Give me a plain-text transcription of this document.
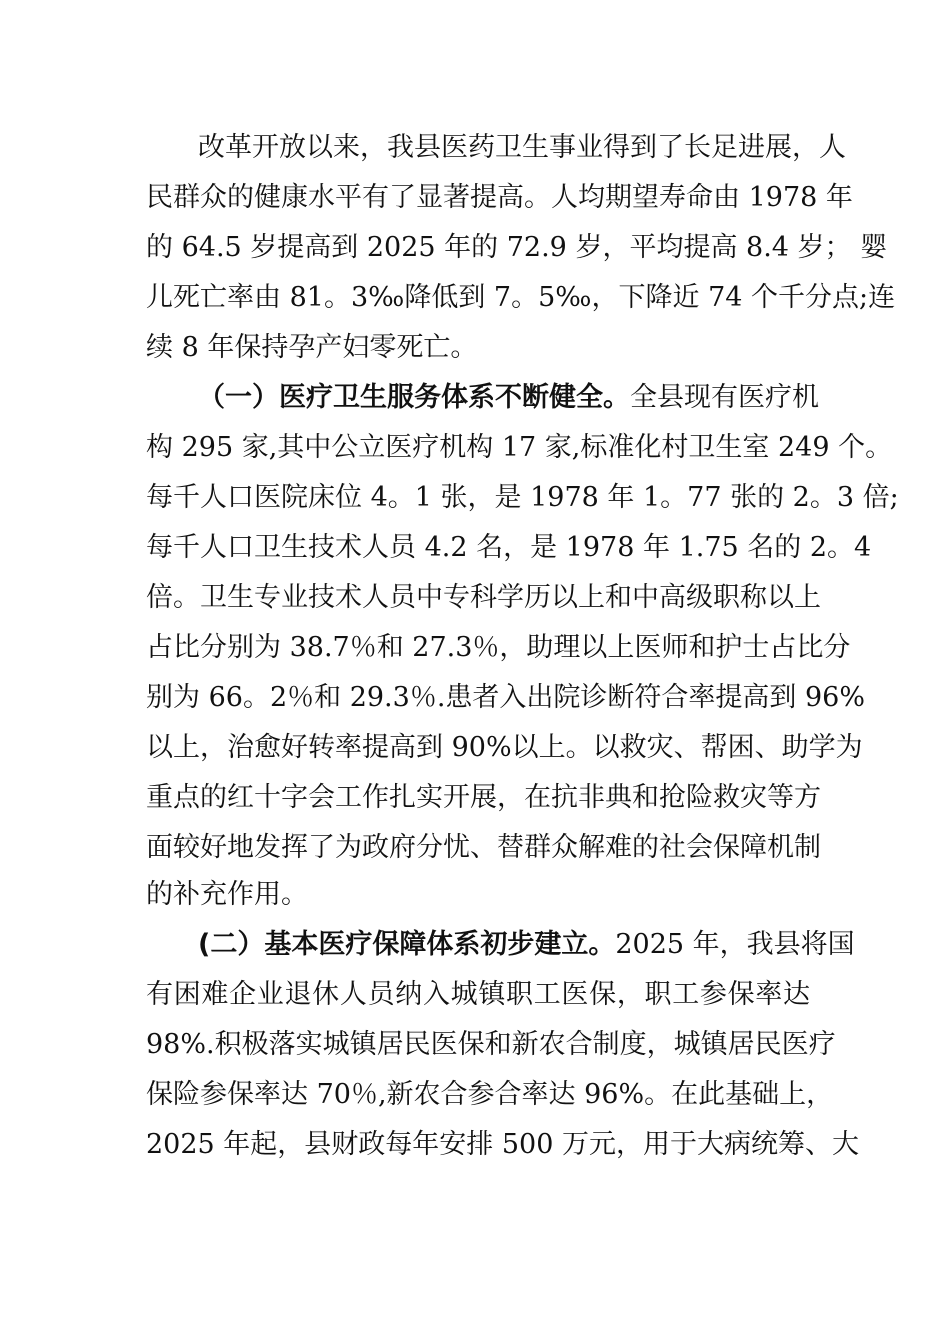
改革开放以来，我县医药卫生事业得到了长足进展，人
民群众的健康水平有了显著提高。人均期望寿命由 1978 年
的 64.5 岁提高到 2025 年的 72.9 岁，平均提高 8.4 岁； 婴
儿死亡率由 81。3‰降低到 7。5‰，下降近 74 个千分点;连
续 8 年保持孕产妇零死亡。
（一）医疗卫生服务体系不断健全。全县现有医疗机
构 295 家,其中公立医疗机构 17 家,标准化村卫生室 249 个。
每千人口医院床位 4。1 张，是 1978 年 1。77 张的 2。3 倍;
每千人口卫生技术人员 4.2 名，是 1978 年 1.75 名的 2。4
倍。卫生专业技术人员中专科学历以上和中高级职称以上
占比分别为 38.7％和 27.3％，助理以上医师和护士占比分
别为 66。2％和 29.3％.患者入出院诊断符合率提高到 96%
以上，治愈好转率提高到 90%以上。以救灾、帮困、助学为
重点的红十字会工作扎实开展，在抗非典和抢险救灾等方
面较好地发挥了为政府分忧、替群众解难的社会保障机制
的补充作用。
(二）基本医疗保障体系初步建立。2025 年，我县将国
有困难企业退休人员纳入城镇职工医保，职工参保率达
98%.积极落实城镇居民医保和新农合制度，城镇居民医疗
保险参保率达 70％,新农合参合率达 96%。在此基础上，
2025 年起，县财政每年安排 500 万元，用于大病统筹、大
